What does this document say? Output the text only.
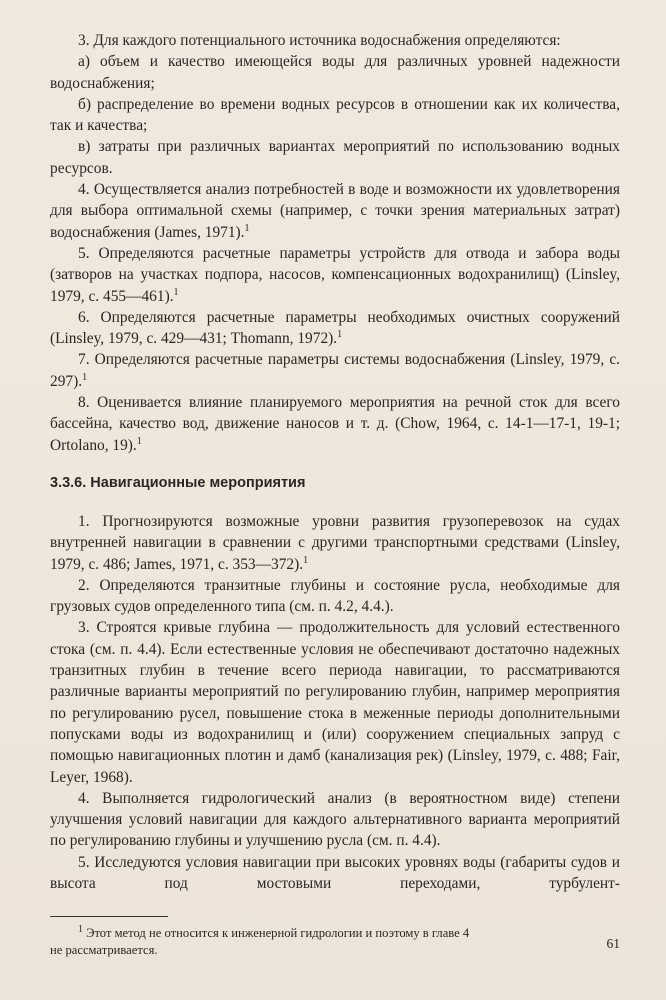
3. Для каждого потенциального источника водоснабжения определяются:

а) объем и качество имеющейся воды для различных уровней надежности водоснабжения;

б) распределение во времени водных ресурсов в отношении как их количества, так и качества;

в) затраты при различных вариантах мероприятий по использованию водных ресурсов.

4. Осуществляется анализ потребностей в воде и возможности их удовлетворения для выбора оптимальной схемы (например, с точки зрения материальных затрат) водоснабжения (James, 1971).$^1$

5. Определяются расчетные параметры устройств для отвода и забора воды (затворов на участках подпора, насосов, компенсационных водохранилищ) (Linsley, 1979, с. 455—461).$^1$

6. Определяются расчетные параметры необходимых очистных сооружений (Linsley, 1979, с. 429—431; Thomann, 1972).$^1$

7. Определяются расчетные параметры системы водоснабжения (Linsley, 1979, с. 297).$^1$

8. Оценивается влияние планируемого мероприятия на речной сток для всего бассейна, качество вод, движение наносов и т. д. (Chow, 1964, с. 14-1—17-1, 19-1; Ortolano, 19).$^1$

3.3.6. Навигационные мероприятия

1. Прогнозируются возможные уровни развития грузоперевозок на судах внутренней навигации в сравнении с другими транспортными средствами (Linsley, 1979, с. 486; James, 1971, с. 353—372).$^1$

2. Определяются транзитные глубины и состояние русла, необходимые для грузовых судов определенного типа (см. п. 4.2, 4.4.).

3. Строятся кривые глубина — продолжительность для условий естественного стока (см. п. 4.4). Если естественные условия не обеспечивают достаточно надежных транзитных глубин в течение всего периода навигации, то рассматриваются различные варианты мероприятий по регулированию глубин, например мероприятия по регулированию русел, повышение стока в меженные периоды дополнительными попусками воды из водохранилищ и (или) сооружением специальных запруд с помощью навигационных плотин и дамб (канализация рек) (Linsley, 1979, с. 488; Fair, Leyer, 1968).

4. Выполняется гидрологический анализ (в вероятностном виде) степени улучшения условий навигации для каждого альтернативного варианта мероприятий по регулированию глубины и улучшению русла (см. п. 4.4).

5. Исследуются условия навигации при высоких уровнях воды (габариты судов и высота под мостовыми переходами, турбулент-

$^1$ Этот метод не относится к инженерной гидрологии и поэтому в главе 4

не рассматривается.	61
